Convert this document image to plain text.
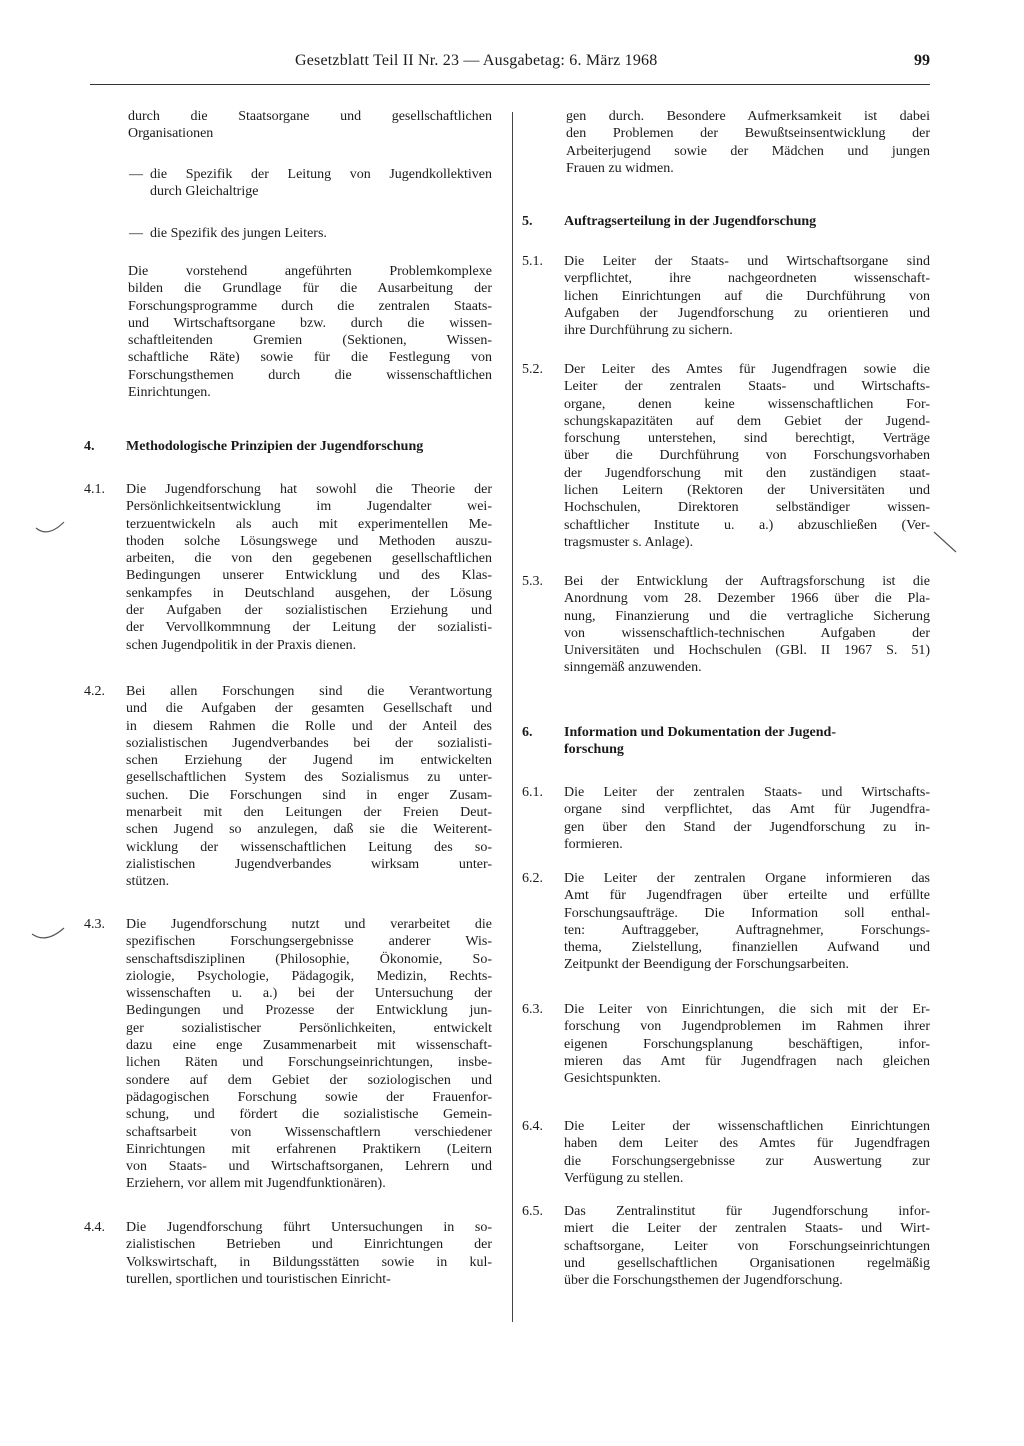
Gesetzblatt Teil II Nr. 23 — Ausgabetag: 6. März 1968	99
durch die Staatsorgane und gesellschaftlichen
Organisationen
— die Spezifik der Leitung von Jugendkollektiven
durch Gleichaltrige
— die Spezifik des jungen Leiters.
Die vorstehend angeführten Problemkomplexe
bilden die Grundlage für die Ausarbeitung der
Forschungsprogramme durch die zentralen Staats-
und Wirtschaftsorgane bzw. durch die wissen-
schaftleitenden Gremien (Sektionen, Wissen-
schaftliche Räte) sowie für die Festlegung von
Forschungsthemen durch die wissenschaftlichen
Einrichtungen.
4. Methodologische Prinzipien der Jugendforschung
4.1. Die Jugendforschung hat sowohl die Theorie der
Persönlichkeitsentwicklung im Jugendalter wei-
terzuentwickeln als auch mit experimentellen Me-
thoden solche Lösungswege und Methoden auszu-
arbeiten, die von den gegebenen gesellschaftlichen
Bedingungen unserer Entwicklung und des Klas-
senkampfes in Deutschland ausgehen, der Lösung
der Aufgaben der sozialistischen Erziehung und
der Vervollkommnung der Leitung der sozialisti-
schen Jugendpolitik in der Praxis dienen.
4.2. Bei allen Forschungen sind die Verantwortung
und die Aufgaben der gesamten Gesellschaft und
in diesem Rahmen die Rolle und der Anteil des
sozialistischen Jugendverbandes bei der sozialisti-
schen Erziehung der Jugend im entwickelten
gesellschaftlichen System des Sozialismus zu unter-
suchen. Die Forschungen sind in enger Zusam-
menarbeit mit den Leitungen der Freien Deut-
schen Jugend so anzulegen, daß sie die Weiterent-
wicklung der wissenschaftlichen Leitung des so-
zialistischen Jugendverbandes wirksam unter-
stützen.
4.3. Die Jugendforschung nutzt und verarbeitet die
spezifischen Forschungsergebnisse anderer Wis-
senschaftsdisziplinen (Philosophie, Ökonomie, So-
ziologie, Psychologie, Pädagogik, Medizin, Rechts-
wissenschaften u. a.) bei der Untersuchung der
Bedingungen und Prozesse der Entwicklung jun-
ger sozialistischer Persönlichkeiten, entwickelt
dazu eine enge Zusammenarbeit mit wissenschaft-
lichen Räten und Forschungseinrichtungen, insbe-
sondere auf dem Gebiet der soziologischen und
pädagogischen Forschung sowie der Frauenfor-
schung, und fördert die sozialistische Gemein-
schaftsarbeit von Wissenschaftlern verschiedener
Einrichtungen mit erfahrenen Praktikern (Leitern
von Staats- und Wirtschaftsorganen, Lehrern und
Erziehern, vor allem mit Jugendfunktionären).
4.4. Die Jugendforschung führt Untersuchungen in so-
zialistischen Betrieben und Einrichtungen der
Volkswirtschaft, in Bildungsstätten sowie in kul-
turellen, sportlichen und touristischen Einricht-
gen durch. Besondere Aufmerksamkeit ist dabei
den Problemen der Bewußtseinsentwicklung der
Arbeiterjugend sowie der Mädchen und jungen
Frauen zu widmen.
5. Auftragserteilung in der Jugendforschung
5.1. Die Leiter der Staats- und Wirtschaftsorgane sind
verpflichtet, ihre nachgeordneten wissenschaft-
lichen Einrichtungen auf die Durchführung von
Aufgaben der Jugendforschung zu orientieren und
ihre Durchführung zu sichern.
5.2. Der Leiter des Amtes für Jugendfragen sowie die
Leiter der zentralen Staats- und Wirtschafts-
organe, denen keine wissenschaftlichen For-
schungskapazitäten auf dem Gebiet der Jugend-
forschung unterstehen, sind berechtigt, Verträge
über die Durchführung von Forschungsvorhaben
der Jugendforschung mit den zuständigen staat-
lichen Leitern (Rektoren der Universitäten und
Hochschulen, Direktoren selbständiger wissen-
schaftlicher Institute u. a.) abzuschließen (Ver-
tragsmuster s. Anlage).
5.3. Bei der Entwicklung der Auftragsforschung ist die
Anordnung vom 28. Dezember 1966 über die Pla-
nung, Finanzierung und die vertragliche Sicherung
von wissenschaftlich-technischen Aufgaben der
Universitäten und Hochschulen (GBl. II 1967 S. 51)
sinngemäß anzuwenden.
6. Information und Dokumentation der Jugend-
forschung
6.1. Die Leiter der zentralen Staats- und Wirtschafts-
organe sind verpflichtet, das Amt für Jugendfra-
gen über den Stand der Jugendforschung zu in-
formieren.
6.2. Die Leiter der zentralen Organe informieren das
Amt für Jugendfragen über erteilte und erfüllte
Forschungsaufträge. Die Information soll enthal-
ten: Auftraggeber, Auftragnehmer, Forschungs-
thema, Zielstellung, finanziellen Aufwand und
Zeitpunkt der Beendigung der Forschungsarbeiten.
6.3. Die Leiter von Einrichtungen, die sich mit der Er-
forschung von Jugendproblemen im Rahmen ihrer
eigenen Forschungsplanung beschäftigen, infor-
mieren das Amt für Jugendfragen nach gleichen
Gesichtspunkten.
6.4. Die Leiter der wissenschaftlichen Einrichtungen
haben dem Leiter des Amtes für Jugendfragen
die Forschungsergebnisse zur Auswertung zur
Verfügung zu stellen.
6.5. Das Zentralinstitut für Jugendforschung infor-
miert die Leiter der zentralen Staats- und Wirt-
schaftsorgane, Leiter von Forschungseinrichtungen
und gesellschaftlichen Organisationen regelmäßig
über die Forschungsthemen der Jugendforschung.
